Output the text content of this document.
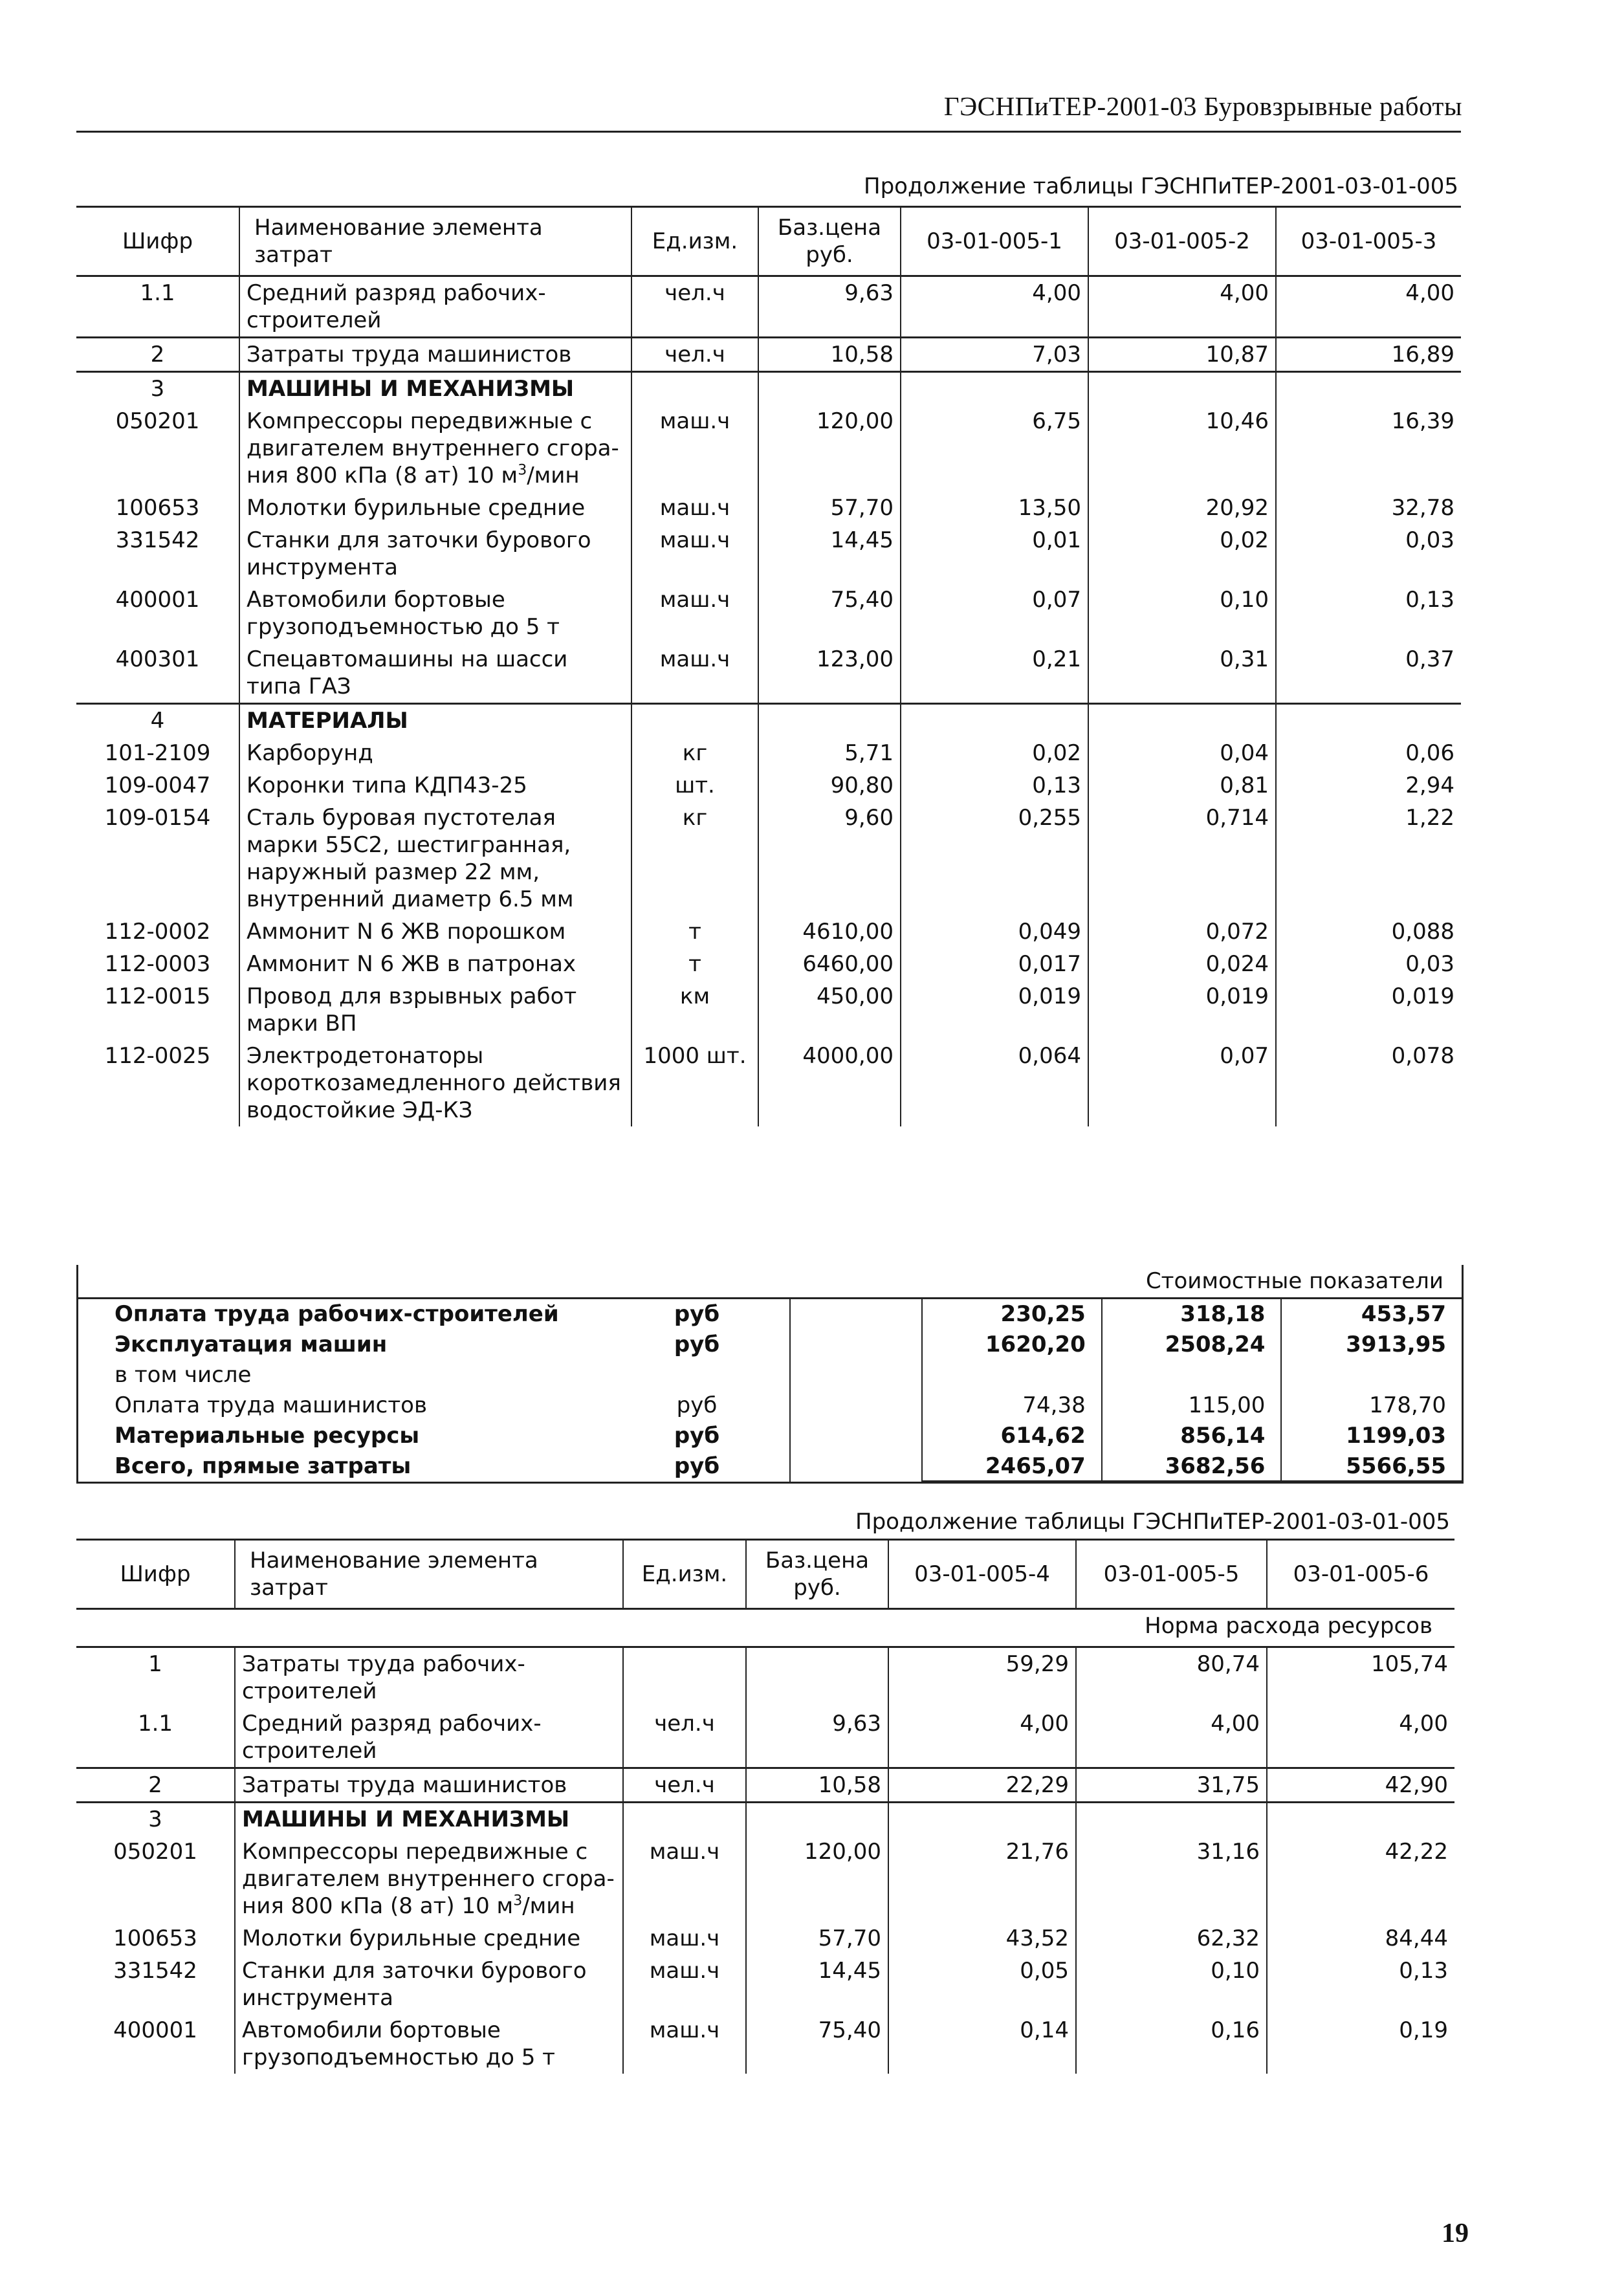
ГЭСНПиТЕР-2001-03 Буровзрывные работы
Продолжение таблицы ГЭСНПиТЕР-2001-03-01-005
Шифр	Наименование элемента затрат	Ед.изм.	Баз.цена руб.	03-01-005-1	03-01-005-2	03-01-005-3
1.1	Средний разряд рабочих-строителей	чел.ч	9,63	4,00	4,00	4,00
2	Затраты труда машинистов	чел.ч	10,58	7,03	10,87	16,89
3	МАШИНЫ И МЕХАНИЗМЫ					
050201	Компрессоры передвижные с двигателем внутреннего сгора-ния 800 кПа (8 ат) 10 $м^3$/мин	маш.ч	120,00	6,75	10,46	16,39
100653	Молотки бурильные средние	маш.ч	57,70	13,50	20,92	32,78
331542	Станки для заточки бурового инструмента	маш.ч	14,45	0,01	0,02	0,03
400001	Автомобили бортовые грузоподъемностью до 5 т	маш.ч	75,40	0,07	0,10	0,13
400301	Спецавтомашины на шасси типа ГАЗ	маш.ч	123,00	0,21	0,31	0,37
4	МАТЕРИАЛЫ					
101-2109	Карборунд	кг	5,71	0,02	0,04	0,06
109-0047	Коронки типа КДП43-25	шт.	90,80	0,13	0,81	2,94
109-0154	Сталь буровая пустотелая марки 55С2, шестигранная, наружный размер 22 мм, внутренний диаметр 6.5 мм	кг	9,60	0,255	0,714	1,22
112-0002	Аммонит N 6 ЖВ порошком	т	4610,00	0,049	0,072	0,088
112-0003	Аммонит N 6 ЖВ в патронах	т	6460,00	0,017	0,024	0,03
112-0015	Провод для взрывных работ марки ВП	км	450,00	0,019	0,019	0,019
112-0025	Электродетонаторы короткозамедленного действия водостойкие ЭД-КЗ	1000 шт.	4000,00	0,064	0,07	0,078
Стоимостные показатели
Оплата труда рабочих-строителей	руб	230,25	318,18	453,57
Эксплуатация машин	руб	1620,20	2508,24	3913,95
в том числе
Оплата труда машинистов	руб	74,38	115,00	178,70
Материальные ресурсы	руб	614,62	856,14	1199,03
Всего, прямые затраты	руб	2465,07	3682,56	5566,55
Продолжение таблицы ГЭСНПиТЕР-2001-03-01-005
Шифр	Наименование элемента затрат	Ед.изм.	Баз.цена руб.	03-01-005-4	03-01-005-5	03-01-005-6
Норма расхода ресурсов						
1	Затраты труда рабочих-строителей			59,29	80,74	105,74
1.1	Средний разряд рабочих-строителей	чел.ч	9,63	4,00	4,00	4,00
2	Затраты труда машинистов	чел.ч	10,58	22,29	31,75	42,90
3	МАШИНЫ И МЕХАНИЗМЫ					
050201	Компрессоры передвижные с двигателем внутреннего сгора-ния 800 кПа (8 ат) 10 $м^3$/мин	маш.ч	120,00	21,76	31,16	42,22
100653	Молотки бурильные средние	маш.ч	57,70	43,52	62,32	84,44
331542	Станки для заточки бурового инструмента	маш.ч	14,45	0,05	0,10	0,13
400001	Автомобили бортовые грузоподъемностью до 5 т	маш.ч	75,40	0,14	0,16	0,19
19
